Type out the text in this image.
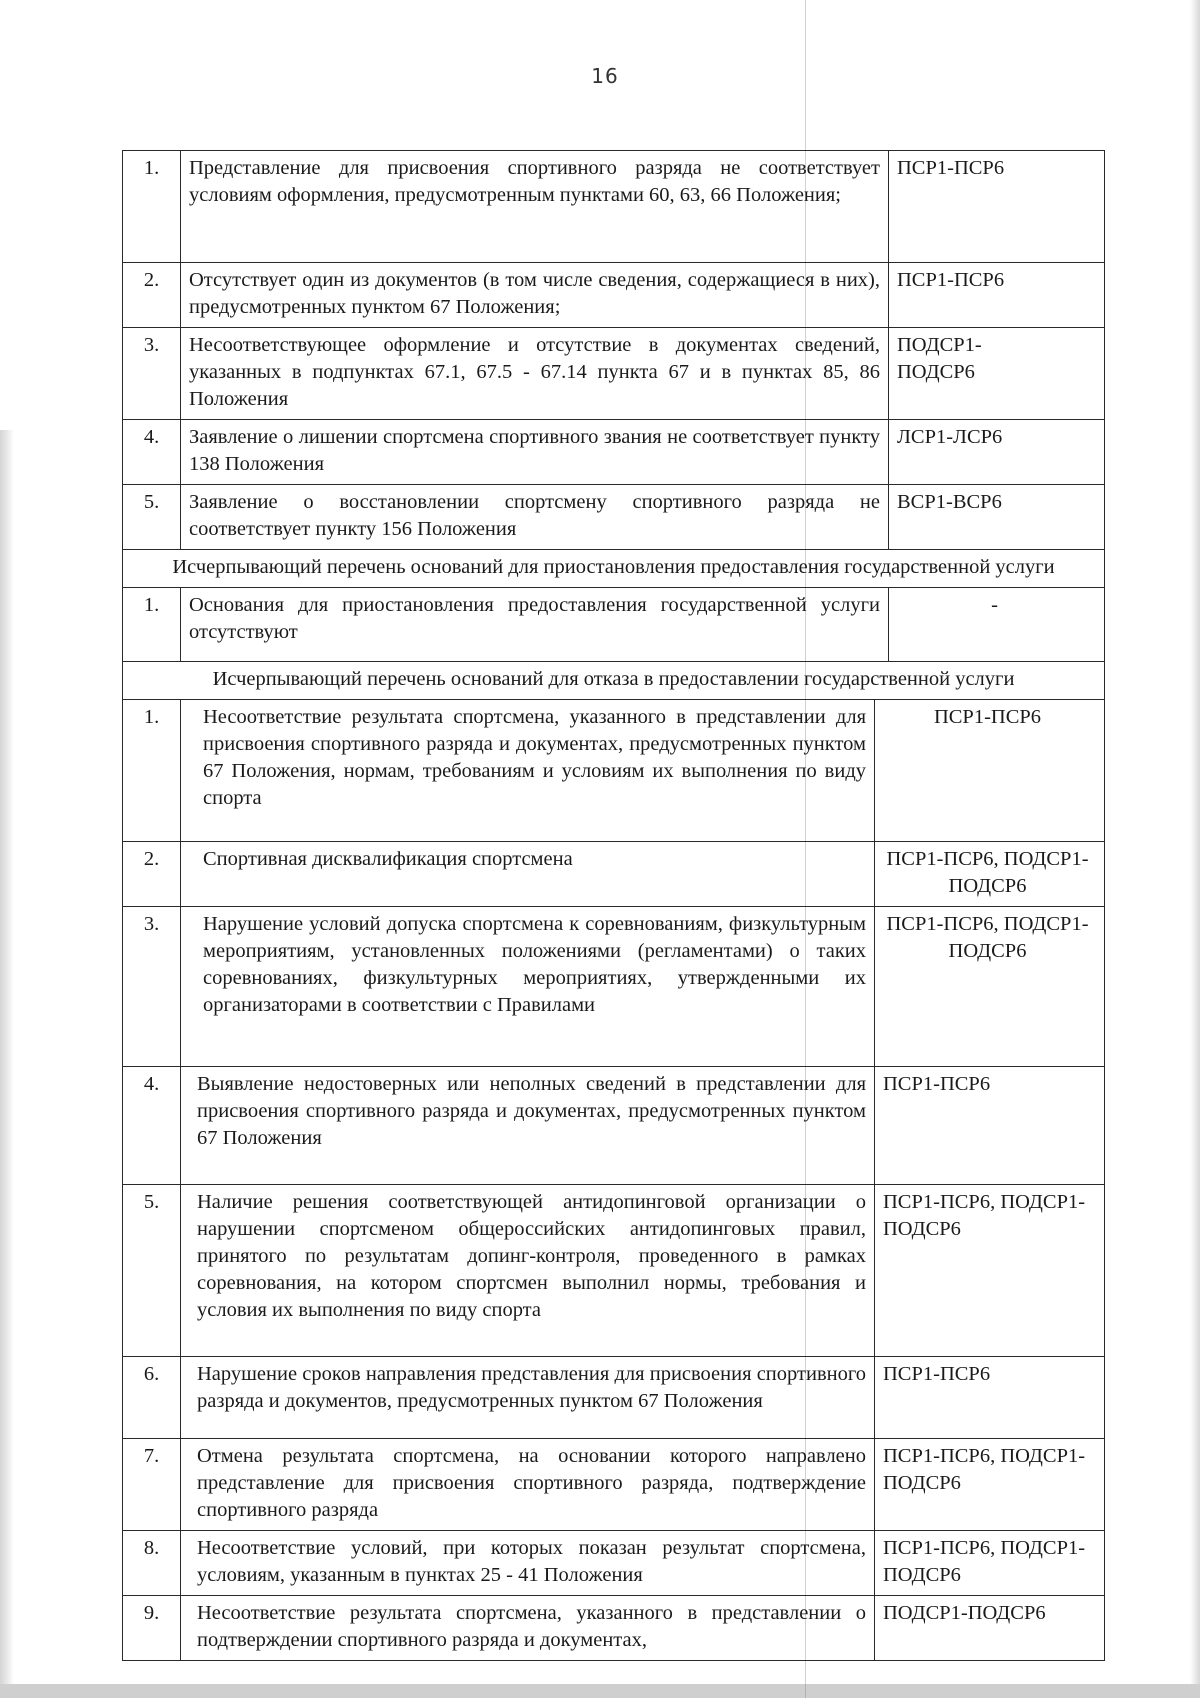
16
1.	Представление для присвоения спортивного разряда не соответствует условиям оформления, предусмотренным пунктами 60, 63, 66 Положения;		ПСР1-ПСР6
2.	Отсутствует один из документов (в том числе сведения, содержащиеся в них), предусмотренных пунктом 67 Положения;		ПСР1-ПСР6
3.	Несоответствующее оформление и отсутствие в документах сведений, указанных в подпунктах 67.1, 67.5 - 67.14 пункта 67 и в пунктах 85, 86 Положения		ПОДСР1-ПОДСР6

4.	Заявление о лишении спортсмена спортивного звания не соответствует пункту 138 Положения		ЛСР1-ЛСР6
5.	Заявление о восстановлении спортсмену спортивного разряда не соответствует пункту 156 Положения		ВСР1-ВСР6
Исчерпывающий перечень оснований для приостановления предоставления государственной услуги			
1.	Основания для приостановления предоставления государственной услуги отсутствуют		-
Исчерпывающий перечень оснований для отказа в предоставлении государственной услуги			
1.	Несоответствие результата спортсмена, указанного в представлении для присвоения спортивного разряда и документах, предусмотренных пунктом 67 Положения, нормам, требованиям и условиям их выполнения по виду спорта	ПСР1-ПСР6	
2.	Спортивная дисквалификация спортсмена	ПСР1-ПСР6, ПОДСР1-ПОДСР6	
3.	Нарушение условий допуска спортсмена к соревнованиям, физкультурным мероприятиям, установленных положениями (регламентами) о таких соревнованиях, физкультурных мероприятиях, утвержденными их организаторами в соответствии с Правилами	ПСР1-ПСР6, ПОДСР1-ПОДСР6	
4.	Выявление недостоверных или неполных сведений в представлении для присвоения спортивного разряда и документах, предусмотренных пунктом 67 Положения	ПСР1-ПСР6	
5.	Наличие решения соответствующей антидопинговой организации о нарушении спортсменом общероссийских антидопинговых правил, принятого по результатам допинг-контроля, проведенного в рамках соревнования, на котором спортсмен выполнил нормы, требования и условия их выполнения по виду спорта	ПСР1-ПСР6, ПОДСР1-ПОДСР6	
6.	Нарушение сроков направления представления для присвоения спортивного разряда и документов, предусмотренных пунктом 67 Положения	ПСР1-ПСР6	
7.	Отмена результата спортсмена, на основании которого направлено представление для присвоения спортивного разряда, подтверждение спортивного разряда	ПСР1-ПСР6, ПОДСР1-ПОДСР6	
8.	Несоответствие условий, при которых показан результат спортсмена, условиям, указанным в пунктах 25 - 41 Положения	ПСР1-ПСР6, ПОДСР1-ПОДСР6	
9.	Несоответствие результата спортсмена, указанного в представлении о подтверждении спортивного разряда и документах,	ПОДСР1-ПОДСР6	
